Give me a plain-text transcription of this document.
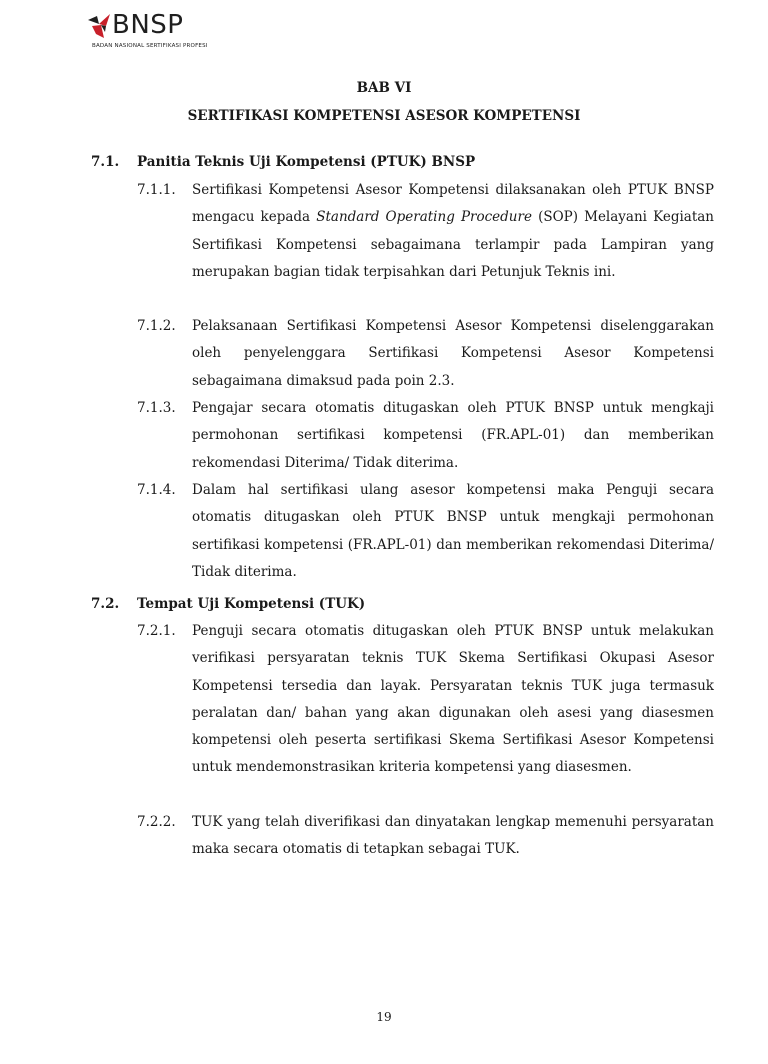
BNSP
BADAN NASIONAL SERTIFIKASI PROFESI
BAB VI
SERTIFIKASI KOMPETENSI ASESOR KOMPETENSI
7.1. Panitia Teknis Uji Kompetensi (PTUK) BNSP
7.1.1. Sertifikasi Kompetensi Asesor Kompetensi dilaksanakan oleh PTUK BNSP mengacu kepada Standard Operating Procedure (SOP) Melayani Kegiatan Sertifikasi Kompetensi sebagaimana terlampir pada Lampiran yang merupakan bagian tidak terpisahkan dari Petunjuk Teknis ini.
7.1.2. Pelaksanaan Sertifikasi Kompetensi Asesor Kompetensi diselenggarakan oleh penyelenggara Sertifikasi Kompetensi Asesor Kompetensi sebagaimana dimaksud pada poin 2.3.
7.1.3. Pengajar secara otomatis ditugaskan oleh PTUK BNSP untuk mengkaji permohonan sertifikasi kompetensi (FR.APL-01) dan memberikan rekomendasi Diterima/ Tidak diterima.
7.1.4. Dalam hal sertifikasi ulang asesor kompetensi maka Penguji secara otomatis ditugaskan oleh PTUK BNSP untuk mengkaji permohonan sertifikasi kompetensi (FR.APL-01) dan memberikan rekomendasi Diterima/ Tidak diterima.
7.2. Tempat Uji Kompetensi (TUK)
7.2.1. Penguji secara otomatis ditugaskan oleh PTUK BNSP untuk melakukan verifikasi persyaratan teknis TUK Skema Sertifikasi Okupasi Asesor Kompetensi tersedia dan layak. Persyaratan teknis TUK juga termasuk peralatan dan/ bahan yang akan digunakan oleh asesi yang diasesmen kompetensi oleh peserta sertifikasi Skema Sertifikasi Asesor Kompetensi untuk mendemonstrasikan kriteria kompetensi yang diasesmen.
7.2.2. TUK yang telah diverifikasi dan dinyatakan lengkap memenuhi persyaratan maka secara otomatis di tetapkan sebagai TUK.
19
